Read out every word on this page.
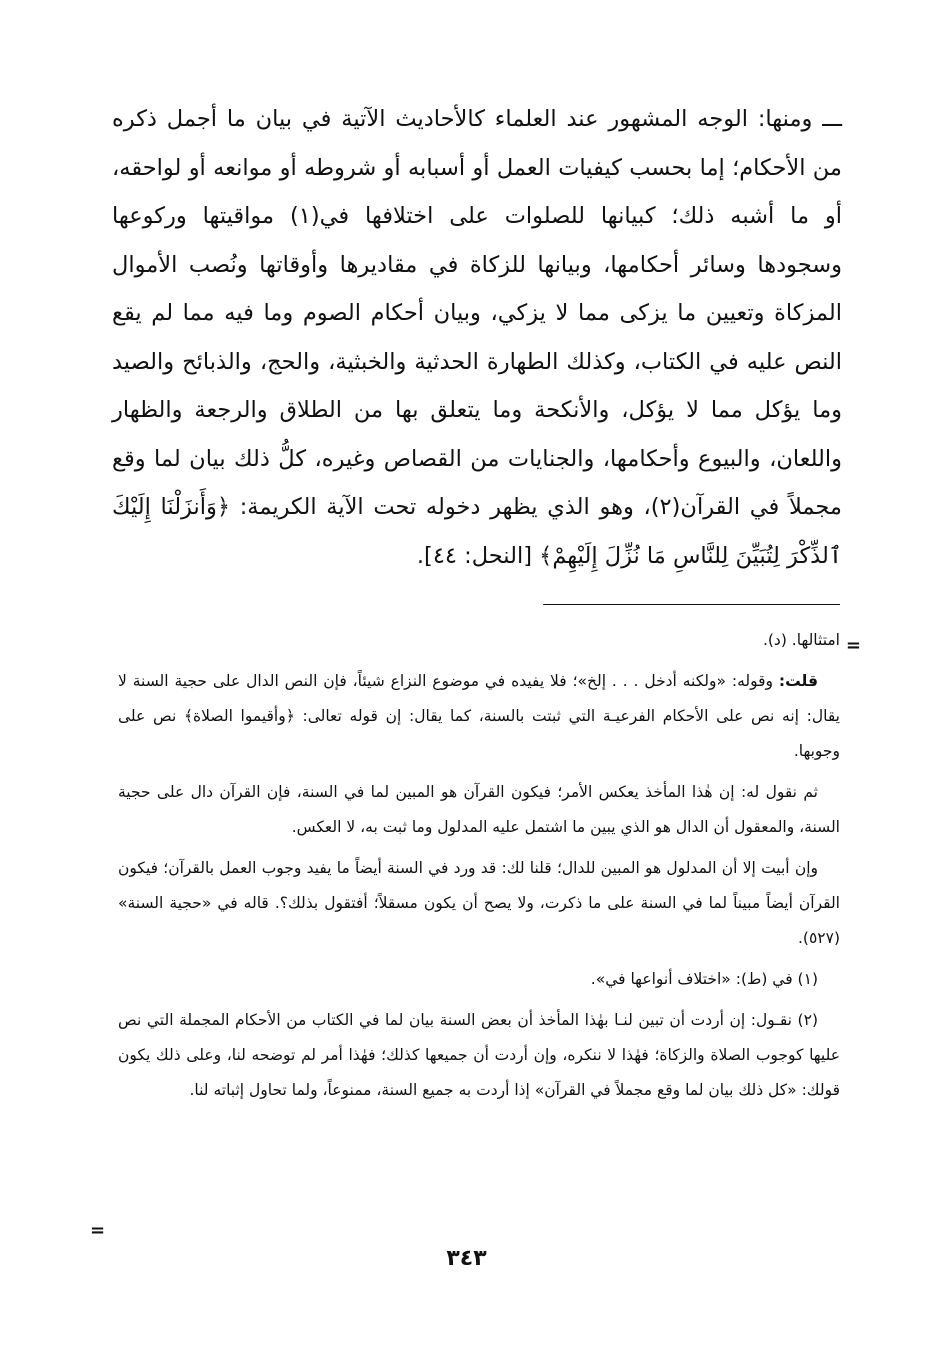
ـــ ومنها: الوجه المشهور عند العلماء كالأحاديث الآتية في بيان ما أجمل ذكره من الأحكام؛ إما بحسب كيفيات العمل أو أسبابه أو شروطه أو موانعه أو لواحقه، أو ما أشبه ذلك؛ كبيانها للصلوات على اختلافها في(١) مواقيتها وركوعها وسجودها وسائر أحكامها، وبيانها للزكاة في مقاديرها وأوقاتها ونُصب الأموال المزكاة وتعيين ما يزكى مما لا يزكي، وبيان أحكام الصوم وما فيه مما لم يقع النص عليه في الكتاب، وكذلك الطهارة الحدثية والخبثية، والحج، والذبائح والصيد وما يؤكل مما لا يؤكل، والأنكحة وما يتعلق بها من الطلاق والرجعة والظهار واللعان، والبيوع وأحكامها، والجنايات من القصاص وغيره، كلُّ ذلك بيان لما وقع مجملاً في القرآن(٢)، وهو الذي يظهر دخوله تحت الآية الكريمة: ﴿وَأَنزَلْنَا إِلَيْكَ ٱلذِّكْرَ لِتُبَيِّنَ لِلنَّاسِ مَا نُزِّلَ إِلَيْهِمْ﴾ [النحل: ٤٤].

=

امتثالها. (د).

قلت: وقوله: «ولكنه أدخل . . . إلخ»؛ فلا يفيده في موضوع النزاع شيئاً، فإن النص الدال على حجية السنة لا يقال: إنه نص على الأحكام الفرعيـة التي ثبتت بالسنة، كما يقال: إن قوله تعالى: ﴿وأقيموا الصلاة﴾ نص على وجوبها.

ثم نقول له: إن هٰذا المأخذ يعكس الأمر؛ فيكون القرآن هو المبين لما في السنة، فإن القرآن دال على حجية السنة، والمعقول أن الدال هو الذي يبين ما اشتمل عليه المدلول وما ثبت به، لا العكس.

وإن أبيت إلا أن المدلول هو المبين للدال؛ قلنا لك: قد ورد في السنة أيضاً ما يفيد وجوب العمل بالقرآن؛ فيكون القرآن أيضاً مبيناً لما في السنة على ما ذكرت، ولا يصح أن يكون مسقلاً؛ أفتقول بذلك؟. قاله في «حجية السنة» (٥٢٧).

(١) في (ط): «اختلاف أنواعها في».

(٢) نقـول: إن أردت أن تبين لنـا بهٰذا المأخذ أن بعض السنة بيان لما في الكتاب من الأحكام المجملة التي نص عليها كوجوب الصلاة والزكاة؛ فهٰذا لا ننكره، وإن أردت أن جميعها كذلك؛ فهٰذا أمر لم توضحه لنا، وعلى ذلك يكون قولك: «كل ذلك بيان لما وقع مجملاً في القرآن» إذا أردت به جميع السنة، ممنوعاً، ولما تحاول إثباته لنا.

=
٣٤٣
